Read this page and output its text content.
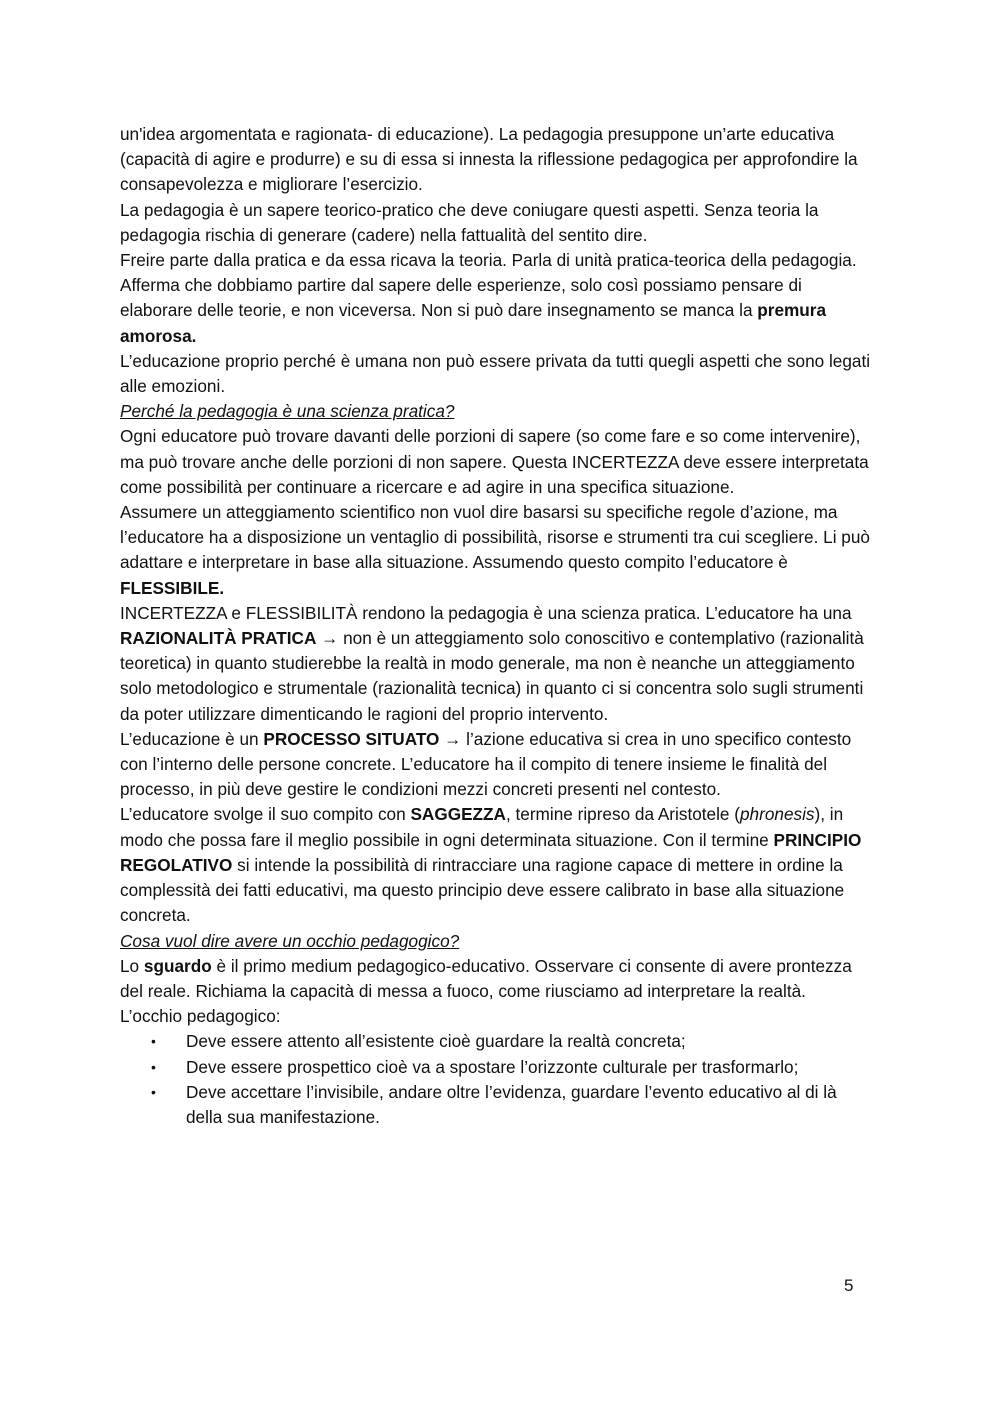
un'idea argomentata e ragionata- di educazione). La pedagogia presuppone un’arte educativa (capacità di agire e produrre) e su di essa si innesta la riflessione pedagogica per approfondire la consapevolezza e migliorare l’esercizio.

La pedagogia è un sapere teorico-pratico che deve coniugare questi aspetti. Senza teoria la pedagogia rischia di generare (cadere) nella fattualità del sentito dire.

Freire parte dalla pratica e da essa ricava la teoria. Parla di unità pratica-teorica della pedagogia.

Afferma che dobbiamo partire dal sapere delle esperienze, solo così possiamo pensare di elaborare delle teorie, e non viceversa. Non si può dare insegnamento se manca la premura amorosa.

L’educazione proprio perché è umana non può essere privata da tutti quegli aspetti che sono legati alle emozioni.

Perché la pedagogia è una scienza pratica?

Ogni educatore può trovare davanti delle porzioni di sapere (so come fare e so come intervenire), ma può trovare anche delle porzioni di non sapere. Questa INCERTEZZA deve essere interpretata come possibilità per continuare a ricercare e ad agire in una specifica situazione.

Assumere un atteggiamento scientifico non vuol dire basarsi su specifiche regole d’azione, ma l’educatore ha a disposizione un ventaglio di possibilità, risorse e strumenti tra cui scegliere. Li può adattare e interpretare in base alla situazione. Assumendo questo compito l’educatore è FLESSIBILE.

INCERTEZZA e FLESSIBILITÀ rendono la pedagogia è una scienza pratica. L’educatore ha una RAZIONALITÀ PRATICA → non è un atteggiamento solo conoscitivo e contemplativo (razionalità teoretica) in quanto studierebbe la realtà in modo generale, ma non è neanche un atteggiamento solo metodologico e strumentale (razionalità tecnica) in quanto ci si concentra solo sugli strumenti da poter utilizzare dimenticando le ragioni del proprio intervento.

L’educazione è un PROCESSO SITUATO → l’azione educativa si crea in uno specifico contesto con l’interno delle persone concrete. L’educatore ha il compito di tenere insieme le finalità del processo, in più deve gestire le condizioni mezzi concreti presenti nel contesto.

L’educatore svolge il suo compito con SAGGEZZA, termine ripreso da Aristotele (phronesis), in modo che possa fare il meglio possibile in ogni determinata situazione. Con il termine PRINCIPIO REGOLATIVO si intende la possibilità di rintracciare una ragione capace di mettere in ordine la complessità dei fatti educativi, ma questo principio deve essere calibrato in base alla situazione concreta.

Cosa vuol dire avere un occhio pedagogico?

Lo sguardo è il primo medium pedagogico-educativo. Osservare ci consente di avere prontezza del reale. Richiama la capacità di messa a fuoco, come riusciamo ad interpretare la realtà.

L’occhio pedagogico:

• Deve essere attento all’esistente cioè guardare la realtà concreta;
• Deve essere prospettico cioè va a spostare l’orizzonte culturale per trasformarlo;
• Deve accettare l’invisibile, andare oltre l’evidenza, guardare l’evento educativo al di là della sua manifestazione.
5
